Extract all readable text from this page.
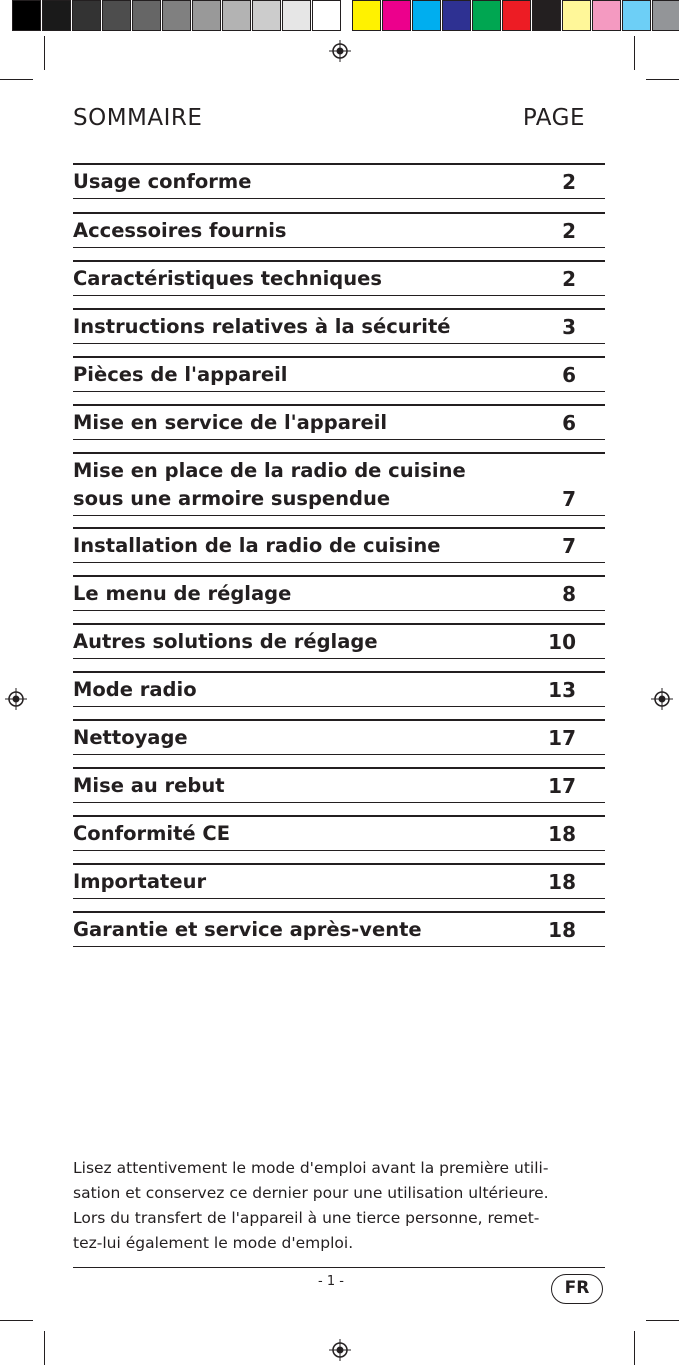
SOMMAIRE	PAGE
Usage conforme	2
Accessoires fournis	2
Caractéristiques techniques	2
Instructions relatives à la sécurité	3
Pièces de l'appareil	6
Mise en service de l'appareil	6
Mise en place de la radio de cuisine
sous une armoire suspendue	7
Installation de la radio de cuisine	7
Le menu de réglage	8
Autres solutions de réglage	10
Mode radio	13
Nettoyage	17
Mise au rebut	17
Conformité CE	18
Importateur	18
Garantie et service après-vente	18
Lisez attentivement le mode d'emploi avant la première utili-
sation et conservez ce dernier pour une utilisation ultérieure.
Lors du transfert de l'appareil à une tierce personne, remet-
tez-lui également le mode d'emploi.
- 1 -	FR
